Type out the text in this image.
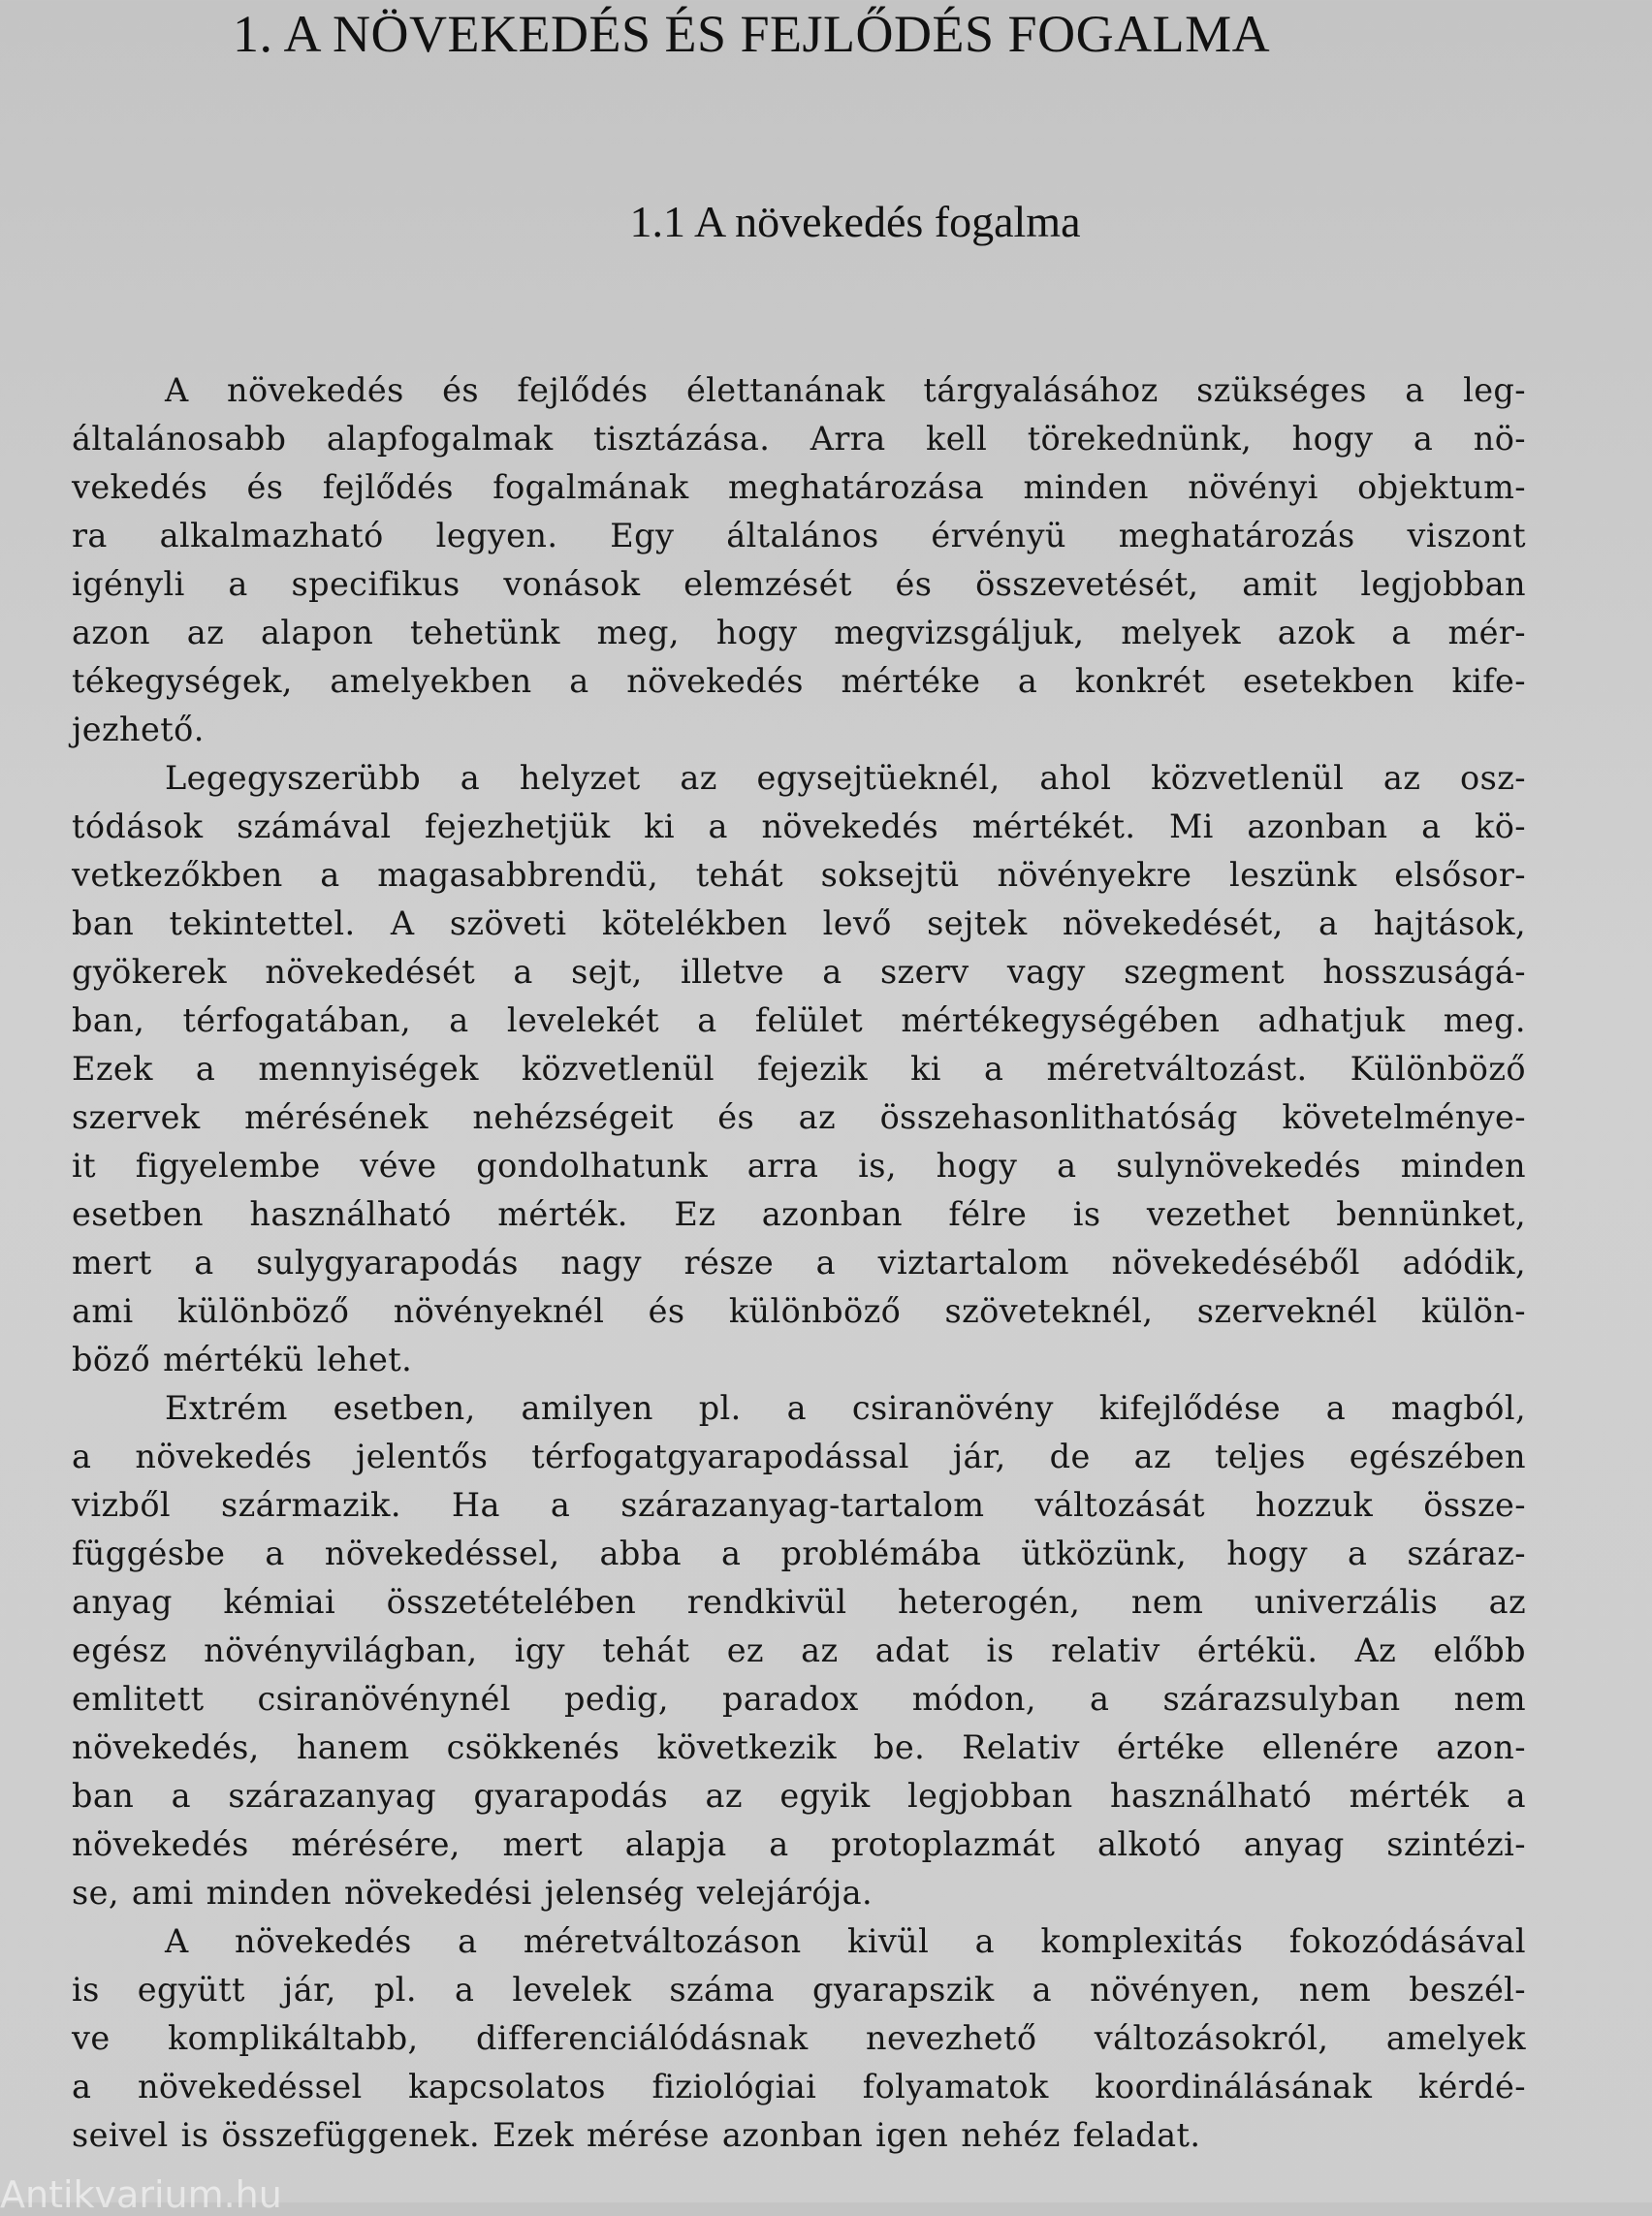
1. A NÖVEKEDÉS ÉS FEJLŐDÉS FOGALMA
1.1 A növekedés fogalma
A növekedés és fejlődés élettanának tárgyalásához szükséges a leg-
általánosabb alapfogalmak tisztázása. Arra kell törekednünk, hogy a nö-
vekedés és fejlődés fogalmának meghatározása minden növényi objektum-
ra alkalmazható legyen. Egy általános érvényü meghatározás viszont
igényli a specifikus vonások elemzését és összevetését, amit legjobban
azon az alapon tehetünk meg, hogy megvizsgáljuk, melyek azok a mér-
tékegységek, amelyekben a növekedés mértéke a konkrét esetekben kife-
jezhető.
Legegyszerübb a helyzet az egysejtüeknél, ahol közvetlenül az osz-
tódások számával fejezhetjük ki a növekedés mértékét. Mi azonban a kö-
vetkezőkben a magasabbrendü, tehát soksejtü növényekre leszünk elsősor-
ban tekintettel. A szöveti kötelékben levő sejtek növekedését, a hajtások,
gyökerek növekedését a sejt, illetve a szerv vagy szegment hosszuságá-
ban, térfogatában, a levelekét a felület mértékegységében adhatjuk meg.
Ezek a mennyiségek közvetlenül fejezik ki a méretváltozást. Különböző
szervek mérésének nehézségeit és az összehasonlithatóság követelménye-
it figyelembe véve gondolhatunk arra is, hogy a sulynövekedés minden
esetben használható mérték. Ez azonban félre is vezethet bennünket,
mert a sulygyarapodás nagy része a viztartalom növekedéséből adódik,
ami különböző növényeknél és különböző szöveteknél, szerveknél külön-
böző mértékü lehet.
Extrém esetben, amilyen pl. a csiranövény kifejlődése a magból,
a növekedés jelentős térfogatgyarapodással jár, de az teljes egészében
vizből származik. Ha a szárazanyag-tartalom változását hozzuk össze-
függésbe a növekedéssel, abba a problémába ütközünk, hogy a száraz-
anyag kémiai összetételében rendkivül heterogén, nem univerzális az
egész növényvilágban, igy tehát ez az adat is relativ értékü. Az előbb
emlitett csiranövénynél pedig, paradox módon, a szárazsulyban nem
növekedés, hanem csökkenés következik be. Relativ értéke ellenére azon-
ban a szárazanyag gyarapodás az egyik legjobban használható mérték a
növekedés mérésére, mert alapja a protoplazmát alkotó anyag szintézi-
se, ami minden növekedési jelenség velejárója.
A növekedés a méretváltozáson kivül a komplexitás fokozódásával
is együtt jár, pl. a levelek száma gyarapszik a növényen, nem beszél-
ve komplikáltabb, differenciálódásnak nevezhető változásokról, amelyek
a növekedéssel kapcsolatos fiziológiai folyamatok koordinálásának kérdé-
seivel is összefüggenek. Ezek mérése azonban igen nehéz feladat.
Antikvarium.hu
